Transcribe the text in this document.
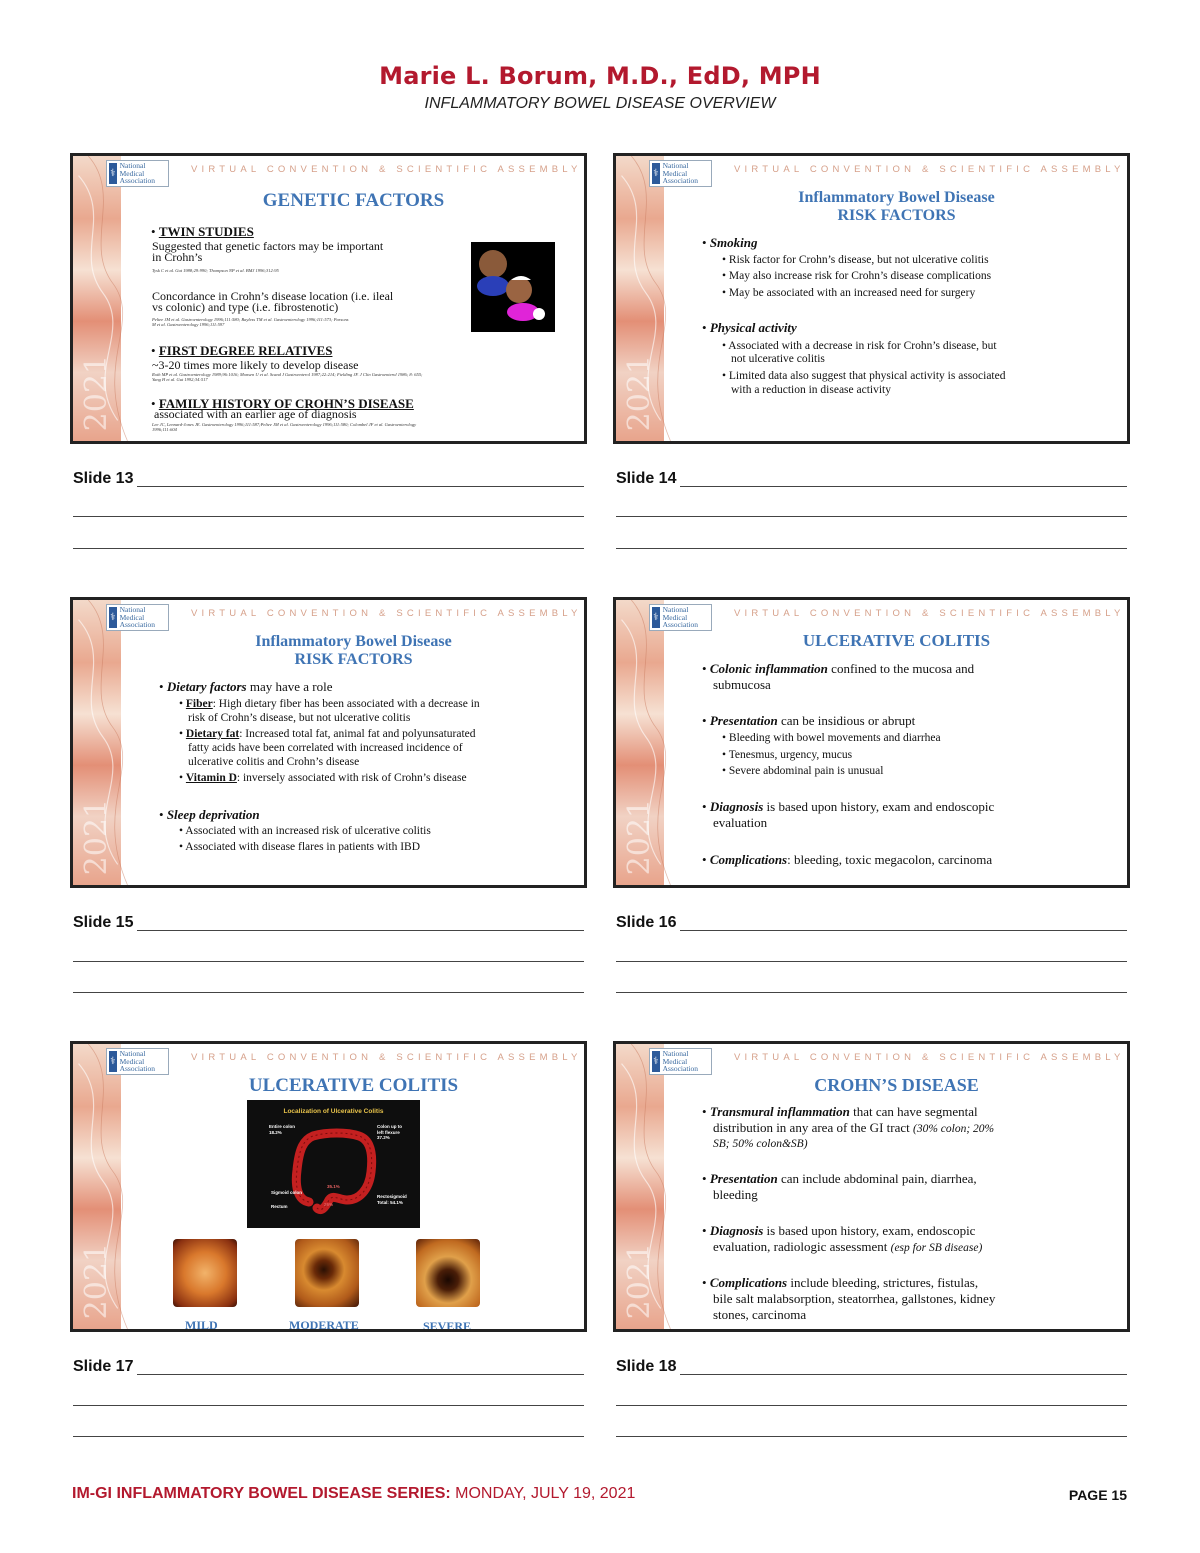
Marie L. Borum, M.D., EdD, MPH
INFLAMMATORY BOWEL DISEASE OVERVIEW
2021
⚕
National Medical Association
VIRTUAL CONVENTION & SCIENTIFIC ASSEMBLY
GENETIC FACTORS
• TWIN STUDIES
Suggested that genetic factors may be important
in Crohn’s
Tysk C et al. Gut 1988;29:990; Thompson NP et al. BMJ 1996;312:95
Concordance in Crohn’s disease location (i.e. ileal
vs colonic) and type (i.e. fibrostenotic)
Peltee JM et al. Gastroenterology 1996;111:580; Bayless TM et al. Gastroenterology 1996;111:573; Parsons
M et al. Gastroenterology 1996;111:597
• FIRST DEGREE RELATIVES
~3-20 times more likely to develop disease
Roth MP et al. Gastroenterology 1989;96:1016; Monsen U et al. Scand J Gastroenterol 1987;22:214; Fielding JF. J Clin Gastroenterol 1986; 8: 655;
Yang H et al. Gut 1992;34:517
• FAMILY HISTORY OF CROHN’S DISEASE
associated with an earlier age of diagnosis
Lee JC, Lennard-Jones JE. Gastroenterology 1996;111:587;Peltee JM et al. Gastroenterology 1996;111:580; Colombel JF et al. Gastroenterology
1996;111:604
Slide 13
2021
⚕
National Medical Association
VIRTUAL CONVENTION & SCIENTIFIC ASSEMBLY
Inflammatory Bowel Disease
RISK FACTORS
• Smoking
• Risk factor for Crohn’s disease, but not ulcerative colitis
• May also increase risk for Crohn’s disease complications
• May be associated with an increased need for surgery
• Physical activity
• Associated with a decrease in risk for Crohn’s disease, but
not ulcerative colitis
• Limited data also suggest that physical activity is associated
with a reduction in disease activity
Slide 14
2021
⚕
National Medical Association
VIRTUAL CONVENTION & SCIENTIFIC ASSEMBLY
Inflammatory Bowel Disease
RISK FACTORS
• Dietary factors may have a role
• Fiber: High dietary fiber has been associated with a decrease in
risk of Crohn’s disease, but not ulcerative colitis
• Dietary fat: Increased total fat, animal fat and polyunsaturated
fatty acids have been correlated with increased incidence of
ulcerative colitis and Crohn’s disease
• Vitamin D: inversely associated with risk of Crohn’s disease
• Sleep deprivation
• Associated with an increased risk of ulcerative colitis
• Associated with disease flares in patients with IBD
Slide 15
2021
⚕
National Medical Association
VIRTUAL CONVENTION & SCIENTIFIC ASSEMBLY
ULCERATIVE COLITIS
• Colonic inflammation confined to the mucosa and
submucosa
• Presentation can be insidious or abrupt
• Bleeding with bowel movements and diarrhea
• Tenesmus, urgency, mucus
• Severe abdominal pain is unusual
• Diagnosis is based upon history, exam and endoscopic
evaluation
• Complications: bleeding, toxic megacolon, carcinoma
Slide 16
2021
⚕
National Medical Association
VIRTUAL CONVENTION & SCIENTIFIC ASSEMBLY
ULCERATIVE COLITIS
Localization of Ulcerative Colitis
Entire colon
18.2%
Colon up to
left flexure
37.2%
Sigmoid colon
Rectum
35.1%
26%
Rectosigmoid
Total: 54.1%
MILD	MODERATE	SEVERE
Slide 17
2021
⚕
National Medical Association
VIRTUAL CONVENTION & SCIENTIFIC ASSEMBLY
CROHN’S DISEASE
• Transmural inflammation that can have segmental
distribution in any area of the GI tract (30% colon; 20%
SB; 50% colon&SB)
• Presentation can include abdominal pain, diarrhea,
bleeding
• Diagnosis is based upon history, exam, endoscopic
evaluation, radiologic assessment (esp for SB disease)
• Complications include bleeding, strictures, fistulas,
bile salt malabsorption, steatorrhea, gallstones, kidney
stones, carcinoma
Slide 18
IM-GI INFLAMMATORY BOWEL DISEASE SERIES: MONDAY, JULY 19, 2021	PAGE 15
